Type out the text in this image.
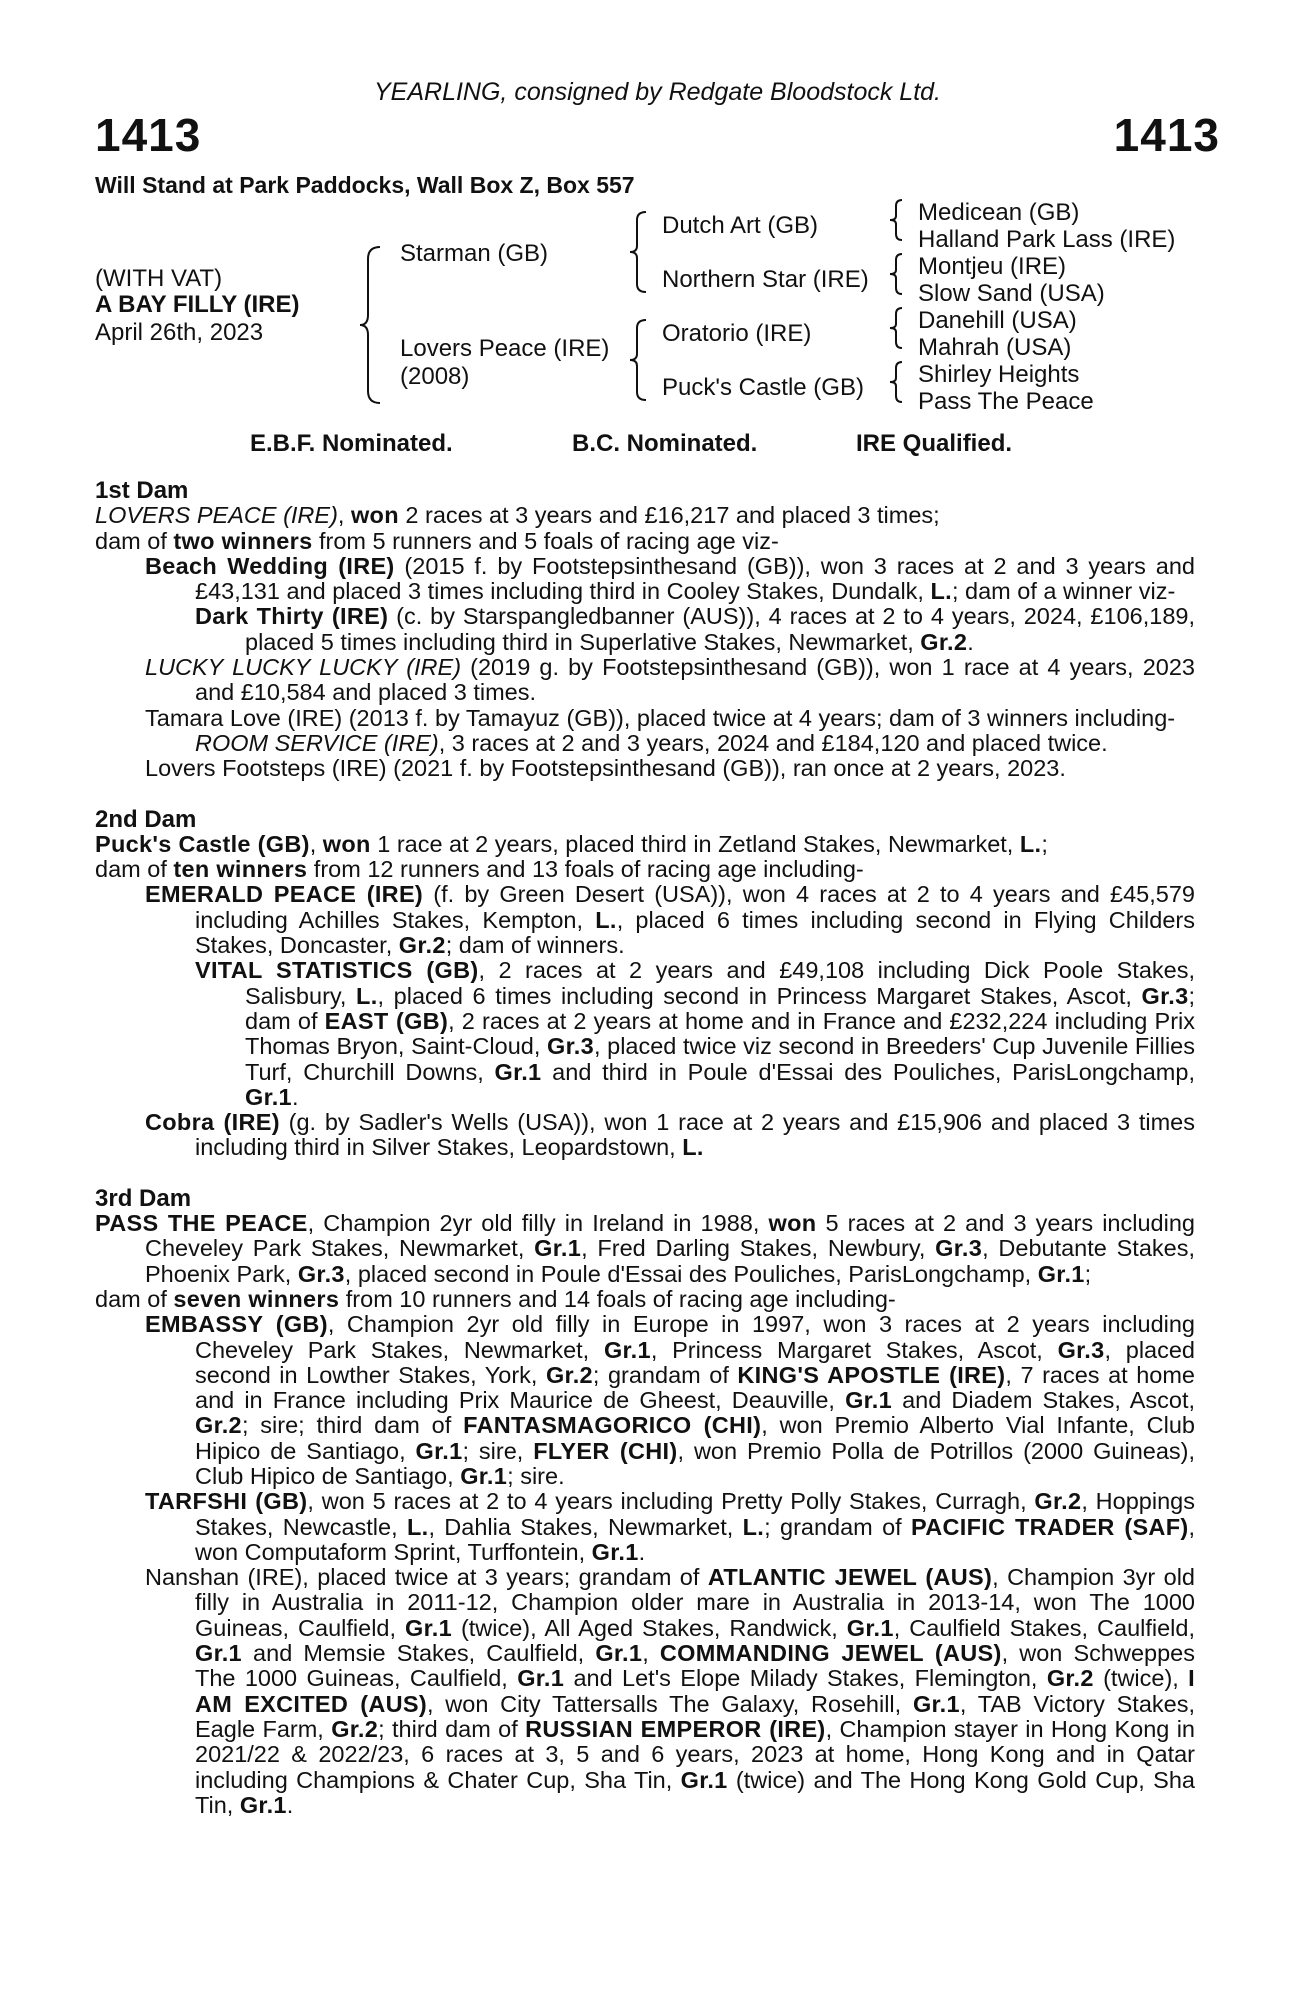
YEARLING, consigned by Redgate Bloodstock Ltd.
1413	1413
Will Stand at Park Paddocks, Wall Box Z, Box 557
(WITH VAT)
A BAY FILLY (IRE)
April 26th, 2023
Starman (GB)
Lovers Peace (IRE)
(2008)
Dutch Art (GB)
Northern Star (IRE)
Oratorio (IRE)
Puck's Castle (GB)
Medicean (GB)
Halland Park Lass (IRE)
Montjeu (IRE)
Slow Sand (USA)
Danehill (USA)
Mahrah (USA)
Shirley Heights
Pass The Peace
E.B.F. Nominated.	B.C. Nominated.	IRE Qualified.

1st Dam

LOVERS PEACE (IRE), won 2 races at 3 years and £16,217 and placed 3 times;

dam of two winners from 5 runners and 5 foals of racing age viz-

Beach Wedding (IRE) (2015 f. by Footstepsinthesand (GB)), won 3 races at 2 and 3 years and £43,131 and placed 3 times including third in Cooley Stakes, Dundalk, L.; dam of a winner viz-

Dark Thirty (IRE) (c. by Starspangledbanner (AUS)), 4 races at 2 to 4 years, 2024, £106,189, placed 5 times including third in Superlative Stakes, Newmarket, Gr.2.

LUCKY LUCKY LUCKY (IRE) (2019 g. by Footstepsinthesand (GB)), won 1 race at 4 years, 2023 and £10,584 and placed 3 times.

Tamara Love (IRE) (2013 f. by Tamayuz (GB)), placed twice at 4 years; dam of 3 winners including-

ROOM SERVICE (IRE), 3 races at 2 and 3 years, 2024 and £184,120 and placed twice.

Lovers Footsteps (IRE) (2021 f. by Footstepsinthesand (GB)), ran once at 2 years, 2023.

2nd Dam

Puck's Castle (GB), won 1 race at 2 years, placed third in Zetland Stakes, Newmarket, L.;

dam of ten winners from 12 runners and 13 foals of racing age including-

EMERALD PEACE (IRE) (f. by Green Desert (USA)), won 4 races at 2 to 4 years and £45,579 including Achilles Stakes, Kempton, L., placed 6 times including second in Flying Childers Stakes, Doncaster, Gr.2; dam of winners.

VITAL STATISTICS (GB), 2 races at 2 years and £49,108 including Dick Poole Stakes, Salisbury, L., placed 6 times including second in Princess Margaret Stakes, Ascot, Gr.3; dam of EAST (GB), 2 races at 2 years at home and in France and £232,224 including Prix Thomas Bryon, Saint-Cloud, Gr.3, placed twice viz second in Breeders' Cup Juvenile Fillies Turf, Churchill Downs, Gr.1 and third in Poule d'Essai des Pouliches, ParisLongchamp, Gr.1.

Cobra (IRE) (g. by Sadler's Wells (USA)), won 1 race at 2 years and £15,906 and placed 3 times including third in Silver Stakes, Leopardstown, L.

3rd Dam

PASS THE PEACE, Champion 2yr old filly in Ireland in 1988, won 5 races at 2 and 3 years including Cheveley Park Stakes, Newmarket, Gr.1, Fred Darling Stakes, Newbury, Gr.3, Debutante Stakes, Phoenix Park, Gr.3, placed second in Poule d'Essai des Pouliches, ParisLongchamp, Gr.1;

dam of seven winners from 10 runners and 14 foals of racing age including-

EMBASSY (GB), Champion 2yr old filly in Europe in 1997, won 3 races at 2 years including Cheveley Park Stakes, Newmarket, Gr.1, Princess Margaret Stakes, Ascot, Gr.3, placed second in Lowther Stakes, York, Gr.2; grandam of KING'S APOSTLE (IRE), 7 races at home and in France including Prix Maurice de Gheest, Deauville, Gr.1 and Diadem Stakes, Ascot, Gr.2; sire; third dam of FANTASMAGORICO (CHI), won Premio Alberto Vial Infante, Club Hipico de Santiago, Gr.1; sire, FLYER (CHI), won Premio Polla de Potrillos (2000 Guineas), Club Hipico de Santiago, Gr.1; sire.

TARFSHI (GB), won 5 races at 2 to 4 years including Pretty Polly Stakes, Curragh, Gr.2, Hoppings Stakes, Newcastle, L., Dahlia Stakes, Newmarket, L.; grandam of PACIFIC TRADER (SAF), won Computaform Sprint, Turffontein, Gr.1.

Nanshan (IRE), placed twice at 3 years; grandam of ATLANTIC JEWEL (AUS), Champion 3yr old filly in Australia in 2011-12, Champion older mare in Australia in 2013-14, won The 1000 Guineas, Caulfield, Gr.1 (twice), All Aged Stakes, Randwick, Gr.1, Caulfield Stakes, Caulfield, Gr.1 and Memsie Stakes, Caulfield, Gr.1, COMMANDING JEWEL (AUS), won Schweppes The 1000 Guineas, Caulfield, Gr.1 and Let's Elope Milady Stakes, Flemington, Gr.2 (twice), I AM EXCITED (AUS), won City Tattersalls The Galaxy, Rosehill, Gr.1, TAB Victory Stakes, Eagle Farm, Gr.2; third dam of RUSSIAN EMPEROR (IRE), Champion stayer in Hong Kong in 2021/22 & 2022/23, 6 races at 3, 5 and 6 years, 2023 at home, Hong Kong and in Qatar including Champions & Chater Cup, Sha Tin, Gr.1 (twice) and The Hong Kong Gold Cup, Sha Tin, Gr.1.
